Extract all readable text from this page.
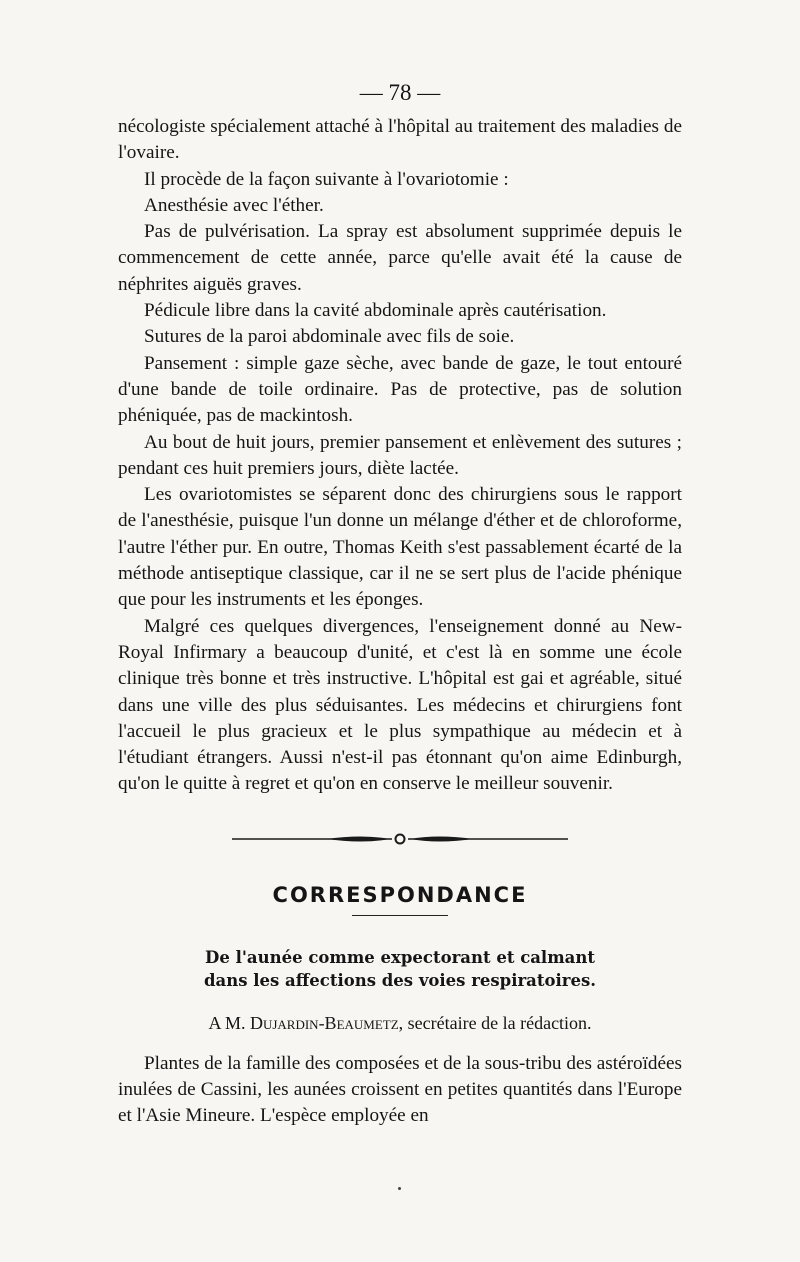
— 78 —

nécologiste spécialement attaché à l'hôpital au traitement des maladies de l'ovaire.

Il procède de la façon suivante à l'ovariotomie :

Anesthésie avec l'éther.

Pas de pulvérisation. La spray est absolument supprimée depuis le commencement de cette année, parce qu'elle avait été la cause de néphrites aiguës graves.

Pédicule libre dans la cavité abdominale après cautérisation.

Sutures de la paroi abdominale avec fils de soie.

Pansement : simple gaze sèche, avec bande de gaze, le tout entouré d'une bande de toile ordinaire. Pas de protective, pas de solution phéniquée, pas de mackintosh.

Au bout de huit jours, premier pansement et enlèvement des sutures ; pendant ces huit premiers jours, diète lactée.

Les ovariotomistes se séparent donc des chirurgiens sous le rapport de l'anesthésie, puisque l'un donne un mélange d'éther et de chloroforme, l'autre l'éther pur. En outre, Thomas Keith s'est passablement écarté de la méthode antiseptique classique, car il ne se sert plus de l'acide phénique que pour les instruments et les éponges.

Malgré ces quelques divergences, l'enseignement donné au New-Royal Infirmary a beaucoup d'unité, et c'est là en somme une école clinique très bonne et très instructive. L'hôpital est gai et agréable, situé dans une ville des plus séduisantes. Les médecins et chirurgiens font l'accueil le plus gracieux et le plus sympathique au médecin et à l'étudiant étrangers. Aussi n'est-il pas étonnant qu'on aime Edinburgh, qu'on le quitte à regret et qu'on en conserve le meilleur souvenir.

CORRESPONDANCE
De l'aunée comme expectorant et calmant
dans les affections des voies respiratoires.
A M. Dujardin-Beaumetz, secrétaire de la rédaction.

Plantes de la famille des composées et de la sous-tribu des astéroïdées inulées de Cassini, les aunées croissent en petites quantités dans l'Europe et l'Asie Mineure. L'espèce employée en
